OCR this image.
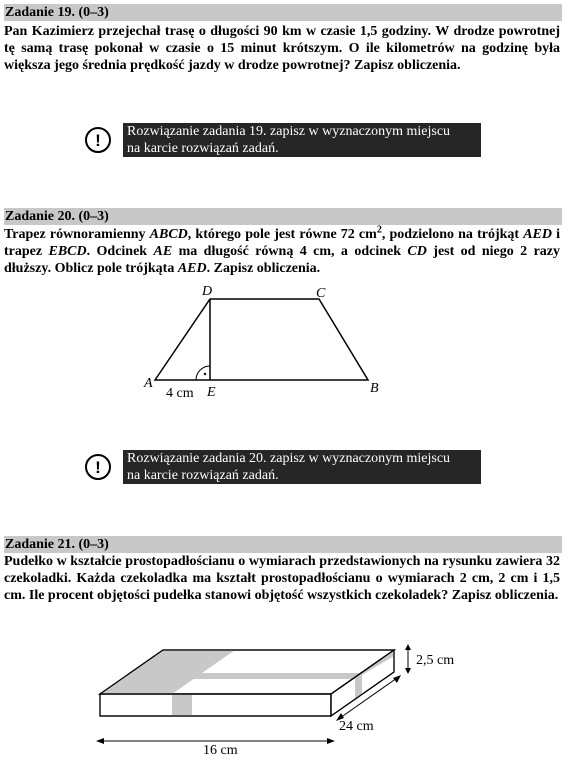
Zadanie 19. (0–3)

Pan Kazimierz przejechał trasę o długości 90 km w czasie 1,5 godziny. W drodze powrotnej tę samą trasę pokonał w czasie o 15 minut krótszym. O ile kilometrów na godzinę była większa jego średnia prędkość jazdy w drodze powrotnej? Zapisz obliczenia.

!	Rozwiązanie zadania 19. zapisz w wyznaczonym miejscu
na karcie rozwiązań zadań.
Zadanie 20. (0–3)

Trapez równoramienny ABCD, którego pole jest równe 72 $cm^2$, podzielono na trójkąt AED i trapez EBCD. Odcinek AE ma długość równą 4 cm, a odcinek CD jest od niego 2 razy dłuższy. Oblicz pole trójkąta AED. Zapisz obliczenia.

D	C
A	B
E
4 cm
!	Rozwiązanie zadania 20. zapisz w wyznaczonym miejscu
na karcie rozwiązań zadań.
Zadanie 21. (0–3)

Pudełko w kształcie prostopadłościanu o wymiarach przedstawionych na rysunku zawiera 32 czekoladki. Każda czekoladka ma kształt prostopadłościanu o wymiarach 2 cm, 2 cm i 1,5 cm. Ile procent objętości pudełka stanowi objętość wszystkich czekoladek? Zapisz obliczenia.

2,5 cm
24 cm
16 cm
